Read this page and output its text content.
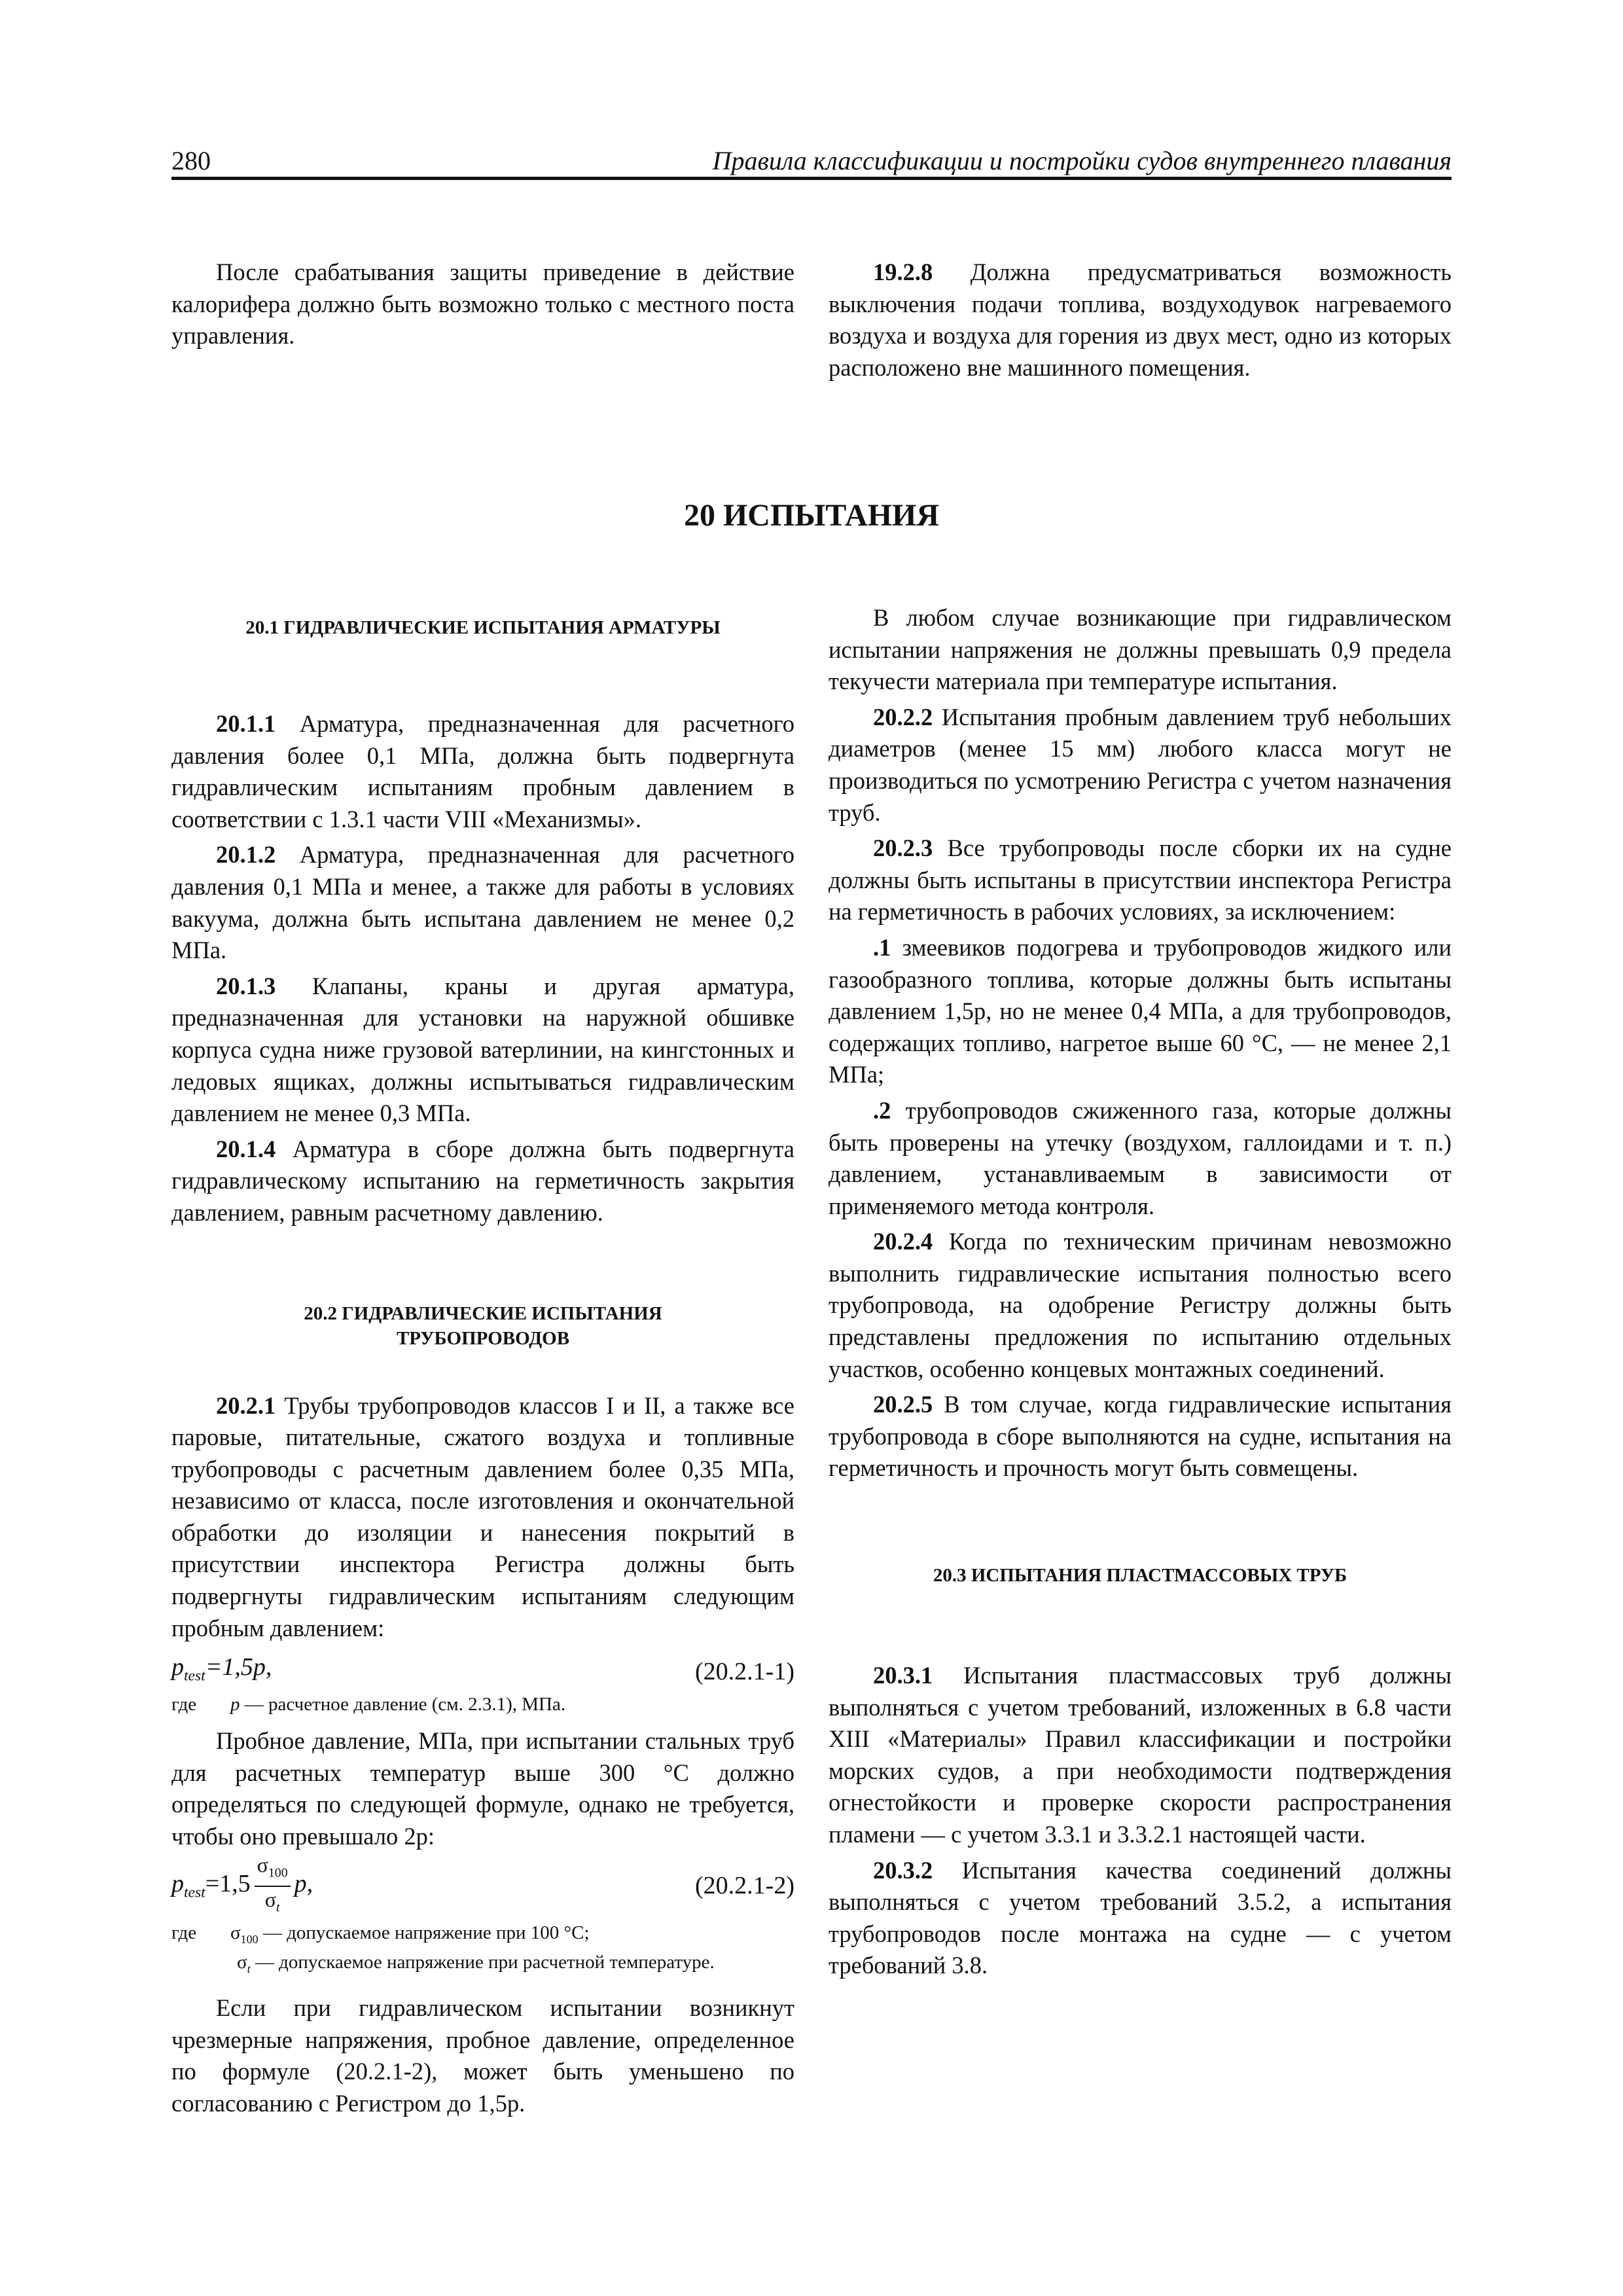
280	Правила классификации и постройки судов внутреннего плавания

После срабатывания защиты приведение в действие калорифера должно быть возможно только с местного поста управления.

19.2.8 Должна предусматриваться возможность выключения подачи топлива, воздуходувок нагреваемого воздуха и воздуха для горения из двух мест, одно из которых расположено вне машинного помещения.

20 ИСПЫТАНИЯ
20.1 ГИДРАВЛИЧЕСКИЕ ИСПЫТАНИЯ АРМАТУРЫ

20.1.1 Арматура, предназначенная для расчетного давления более 0,1 МПа, должна быть подвергнута гидравлическим испытаниям пробным давлением в соответствии с 1.3.1 части VIII «Механизмы».

20.1.2 Арматура, предназначенная для расчетного давления 0,1 МПа и менее, а также для работы в условиях вакуума, должна быть испытана давлением не менее 0,2 МПа.

20.1.3 Клапаны, краны и другая арматура, предназначенная для установки на наружной обшивке корпуса судна ниже грузовой ватерлинии, на кингстонных и ледовых ящиках, должны испытываться гидравлическим давлением не менее 0,3 МПа.

20.1.4 Арматура в сборе должна быть подвергнута гидравлическому испытанию на герметичность закрытия давлением, равным расчетному давлению.

20.2 ГИДРАВЛИЧЕСКИЕ ИСПЫТАНИЯ
ТРУБОПРОВОДОВ

20.2.1 Трубы трубопроводов классов I и II, а также все паровые, питательные, сжатого воздуха и топливные трубопроводы с расчетным давлением более 0,35 МПа, независимо от класса, после изготовления и окончательной обработки до изоляции и нанесения покрытий в присутствии инспектора Регистра должны быть подвергнуты гидравлическим испытаниям следующим пробным давлением:

$p_{test}=1,5p$,	(20.2.1-1)
где p — расчетное давление (см. 2.3.1), МПа.

Пробное давление, МПа, при испытании стальных труб для расчетных температур выше 300 °С должно определяться по следующей формуле, однако не требуется, чтобы оно превышало 2p:

$p_{test}=1,5 \frac{\sigma_{100}}{\sigma_t} p$,	(20.2.1-2)
где $\sigma_{100}$ — допускаемое напряжение при 100 °С;
$\sigma_t$ — допускаемое напряжение при расчетной температуре.

Если при гидравлическом испытании возникнут чрезмерные напряжения, пробное давление, определенное по формуле (20.2.1-2), может быть уменьшено по согласованию с Регистром до 1,5p.

В любом случае возникающие при гидравлическом испытании напряжения не должны превышать 0,9 предела текучести материала при температуре испытания.

20.2.2 Испытания пробным давлением труб небольших диаметров (менее 15 мм) любого класса могут не производиться по усмотрению Регистра с учетом назначения труб.

20.2.3 Все трубопроводы после сборки их на судне должны быть испытаны в присутствии инспектора Регистра на герметичность в рабочих условиях, за исключением:

.1 змеевиков подогрева и трубопроводов жидкого или газообразного топлива, которые должны быть испытаны давлением 1,5p, но не менее 0,4 МПа, а для трубопроводов, содержащих топливо, нагретое выше 60 °С, — не менее 2,1 МПа;

.2 трубопроводов сжиженного газа, которые должны быть проверены на утечку (воздухом, галлоидами и т. п.) давлением, устанавливаемым в зависимости от применяемого метода контроля.

20.2.4 Когда по техническим причинам невозможно выполнить гидравлические испытания полностью всего трубопровода, на одобрение Регистру должны быть представлены предложения по испытанию отдельных участков, особенно концевых монтажных соединений.

20.2.5 В том случае, когда гидравлические испытания трубопровода в сборе выполняются на судне, испытания на герметичность и прочность могут быть совмещены.

20.3 ИСПЫТАНИЯ ПЛАСТМАССОВЫХ ТРУБ

20.3.1 Испытания пластмассовых труб должны выполняться с учетом требований, изложенных в 6.8 части XIII «Материалы» Правил классификации и постройки морских судов, а при необходимости подтверждения огнестойкости и проверке скорости распространения пламени — с учетом 3.3.1 и 3.3.2.1 настоящей части.

20.3.2 Испытания качества соединений должны выполняться с учетом требований 3.5.2, а испытания трубопроводов после монтажа на судне — с учетом требований 3.8.
